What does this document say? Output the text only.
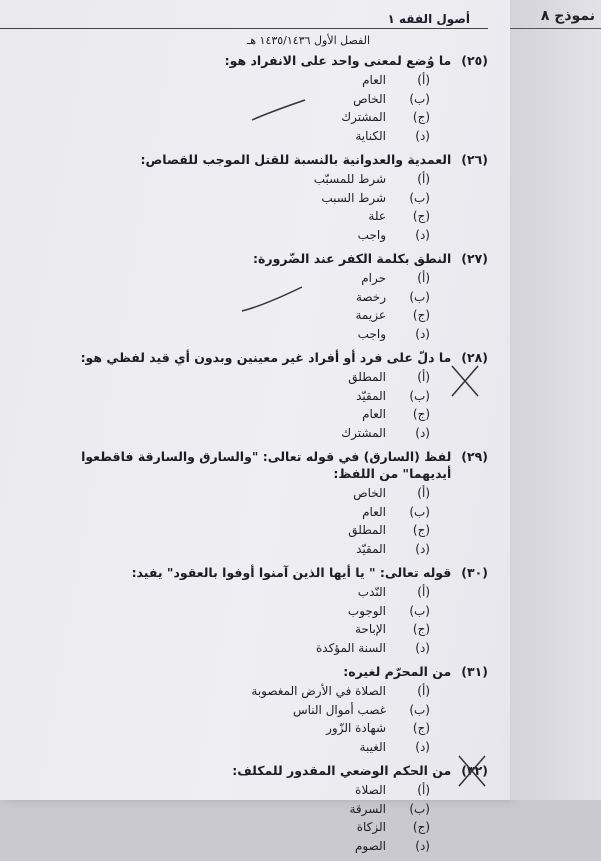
أصول الفقه ١
الفصل الأول ١٤٣٥/١٤٣٦ هـ
(٢٥)
ما وُضع لمعنى واحد على الانفراد هو:
(أ)
العام
(ب)
الخاص
(ج)
المشترك
(د)
الكناية
(٢٦)
العمدية والعدوانية بالنسبة للقتل الموجب للقصاص:
(أ)
شرط للمسبّب
(ب)
شرط السبب
(ج)
علة
(د)
واجب
(٢٧)
النطق بكلمة الكفر عند الضّرورة:
(أ)
حرام
(ب)
رخصة
(ج)
عزيمة
(د)
واجب
(٢٨)
ما دلّ على فرد أو أفراد غير معينين وبدون أي قيد لفظي هو:
(أ)
المطلق
(ب)
المقيّد
(ج)
العام
(د)
المشترك
(٢٩)
لفظ (السارق) في قوله تعالى: "والسارق والسارقة فاقطعوا أيديهما" من اللفظ:
(أ)
الخاص
(ب)
العام
(ج)
المطلق
(د)
المقيّد
(٣٠)
قوله تعالى: " يا أيها الذين آمنوا أوفوا بالعقود" يفيد:
(أ)
النّدب
(ب)
الوجوب
(ج)
الإباحة
(د)
السنة المؤكدة
(٣١)
من المحرّم لغيره:
(أ)
الصلاة في الأرض المغصوبة
(ب)
غصب أموال الناس
(ج)
شهادة الزّور
(د)
الغيبة
(٣٢)
من الحكم الوضعي المقدور للمكلف:
(أ)
الصلاة
(ب)
السرقة
(ج)
الزكاة
(د)
الصوم
نموذج ٨
